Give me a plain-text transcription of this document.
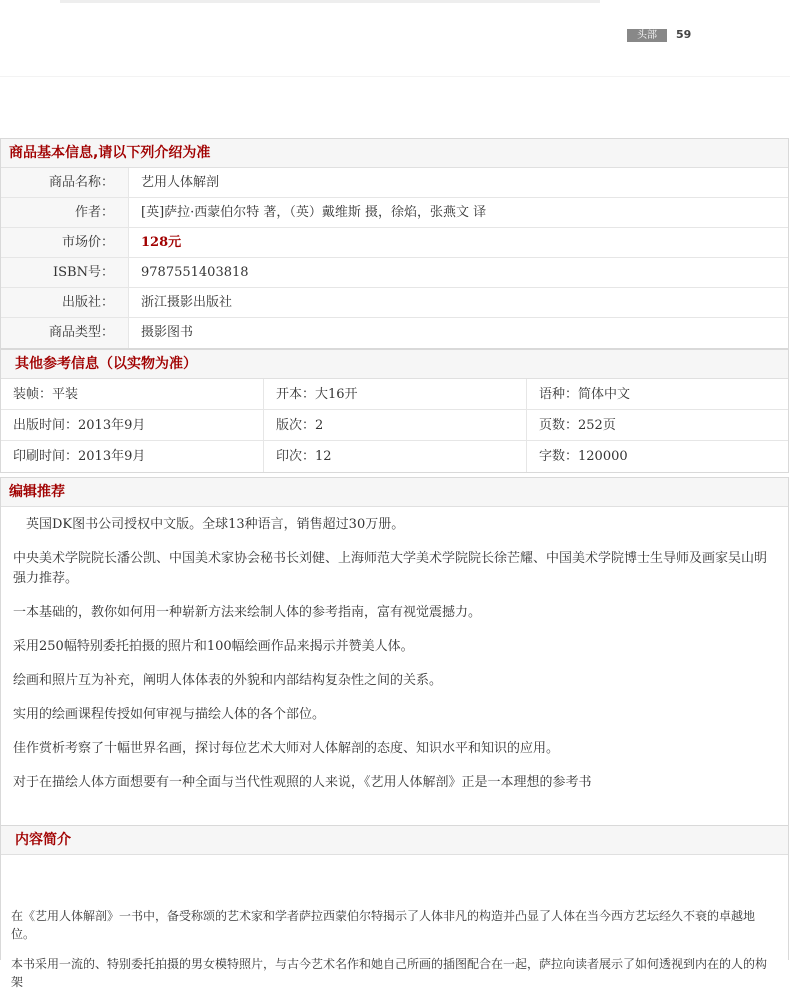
头部	59
商品基本信息,请以下列介绍为准
商品名称：	艺用人体解剖
作者：	[英]萨拉·西蒙伯尔特 著，（英）戴维斯 摄，徐焰，张燕文 译
市场价：	128元
ISBN号：	9787551403818
出版社：	浙江摄影出版社
商品类型：	摄影图书
其他参考信息（以实物为准）
装帧：平装	开本：大16开	语种：简体中文
出版时间：2013年9月	版次：2	页数：252页
印刷时间：2013年9月	印次：12	字数：120000
编辑推荐

　英国DK图书公司授权中文版。全球13种语言，销售超过30万册。

中央美术学院院长潘公凯、中国美术家协会秘书长刘健、上海师范大学美术学院院长徐芒耀、中国美术学院博士生导师及画家吴山明强力推荐。

一本基础的，教你如何用一种崭新方法来绘制人体的参考指南，富有视觉震撼力。

采用250幅特别委托拍摄的照片和100幅绘画作品来揭示并赞美人体。

绘画和照片互为补充，阐明人体体表的外貌和内部结构复杂性之间的关系。

实用的绘画课程传授如何审视与描绘人体的各个部位。

佳作赏析考察了十幅世界名画，探讨每位艺术大师对人体解剖的态度、知识水平和知识的应用。

对于在描绘人体方面想要有一种全面与当代性观照的人来说，《艺用人体解剖》正是一本理想的参考书

内容简介

在《艺用人体解剖》一书中，备受称颂的艺术家和学者萨拉西蒙伯尔特揭示了人体非凡的构造并凸显了人体在当今西方艺坛经久不衰的卓越地位。

本书采用一流的、特别委托拍摄的男女模特照片，与古今艺术名作和她自己所画的插图配合在一起，萨拉向读者展示了如何透视到内在的人的构架
